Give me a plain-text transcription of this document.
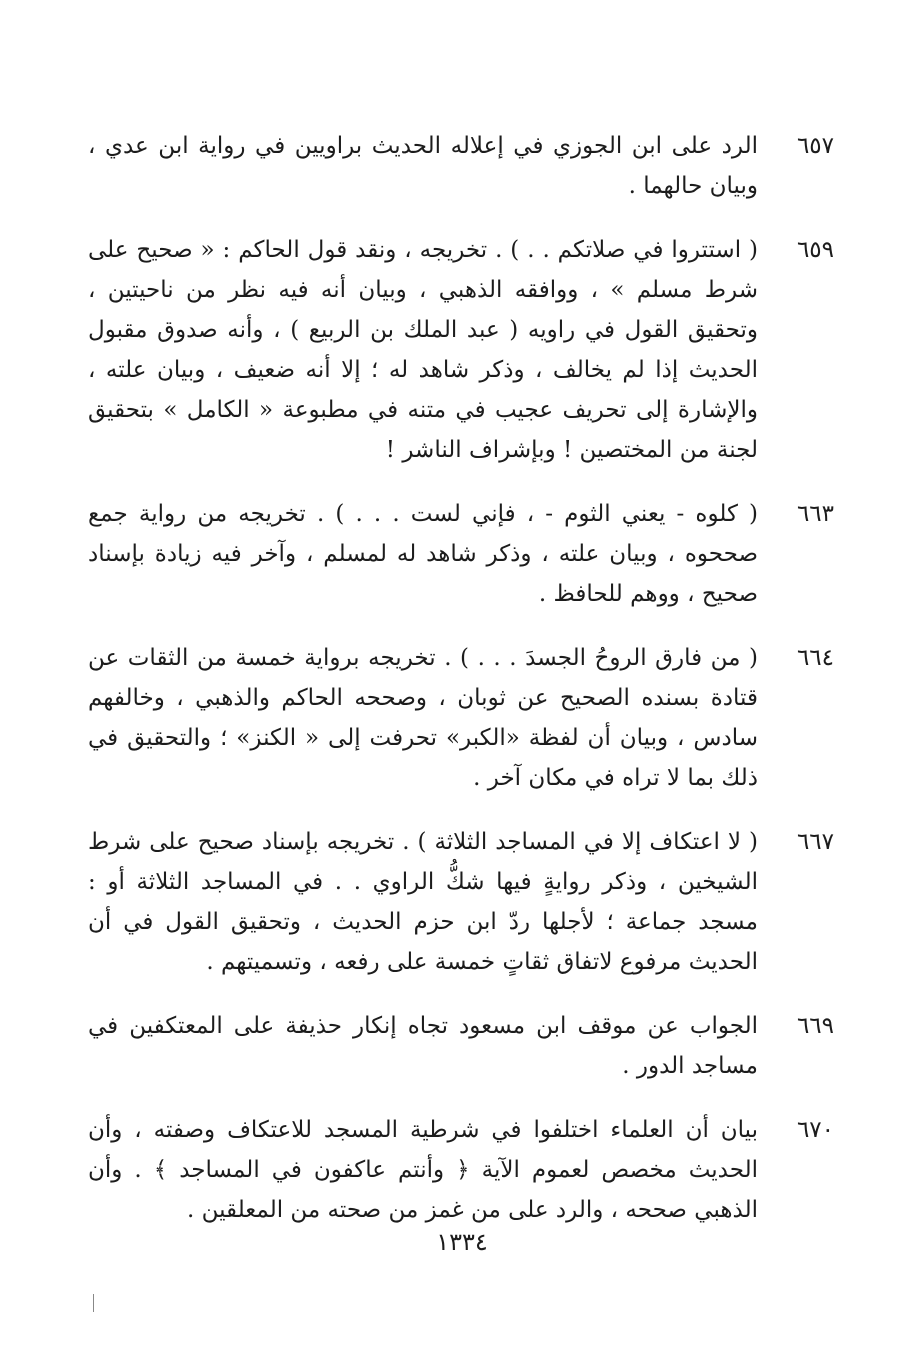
٦٥٧
الرد على ابن الجوزي في إعلاله الحديث براويين في رواية ابن عدي ، وبيان حالهما .
٦٥٩
( استتروا في صلاتكم . . ) . تخريجه ، ونقد قول الحاكم : « صحيح على شرط مسلم » ، ووافقه الذهبي ، وبيان أنه فيه نظر من ناحيتين ، وتحقيق القول في راويه ( عبد الملك بن الربيع ) ، وأنه صدوق مقبول الحديث إذا لم يخالف ، وذكر شاهد له ؛ إلا أنه ضعيف ، وبيان علته ، والإشارة إلى تحريف عجيب في متنه في مطبوعة « الكامل » بتحقيق لجنة من المختصين ! وبإشراف الناشر !
٦٦٣
( كلوه - يعني الثوم - ، فإني لست . . . ) . تخريجه من رواية جمع صححوه ، وبيان علته ، وذكر شاهد له لمسلم ، وآخر فيه زيادة بإسناد صحيح ، ووهم للحافظ .
٦٦٤
( من فارق الروحُ الجسدَ . . . ) . تخريجه برواية خمسة من الثقات عن قتادة بسنده الصحيح عن ثوبان ، وصححه الحاكم والذهبي ، وخالفهم سادس ، وبيان أن لفظة «الكبر» تحرفت إلى « الكنز» ؛ والتحقيق في ذلك بما لا تراه في مكان آخر .
٦٦٧
( لا اعتكاف إلا في المساجد الثلاثة ) . تخريجه بإسناد صحيح على شرط الشيخين ، وذكر روايةٍ فيها شكُّ الراوي . . في المساجد الثلاثة أو : مسجد جماعة ؛ لأجلها ردّ ابن حزم الحديث ، وتحقيق القول في أن الحديث مرفوع لاتفاق ثقاتٍ خمسة على رفعه ، وتسميتهم .
٦٦٩
الجواب عن موقف ابن مسعود تجاه إنكار حذيفة على المعتكفين في مساجد الدور .
٦٧٠
بيان أن العلماء اختلفوا في شرطية المسجد للاعتكاف وصفته ، وأن الحديث مخصص لعموم الآية ﴿ وأنتم عاكفون في المساجد ﴾ . وأن الذهبي صححه ، والرد على من غمز من صحته من المعلقين .
١٣٣٤
